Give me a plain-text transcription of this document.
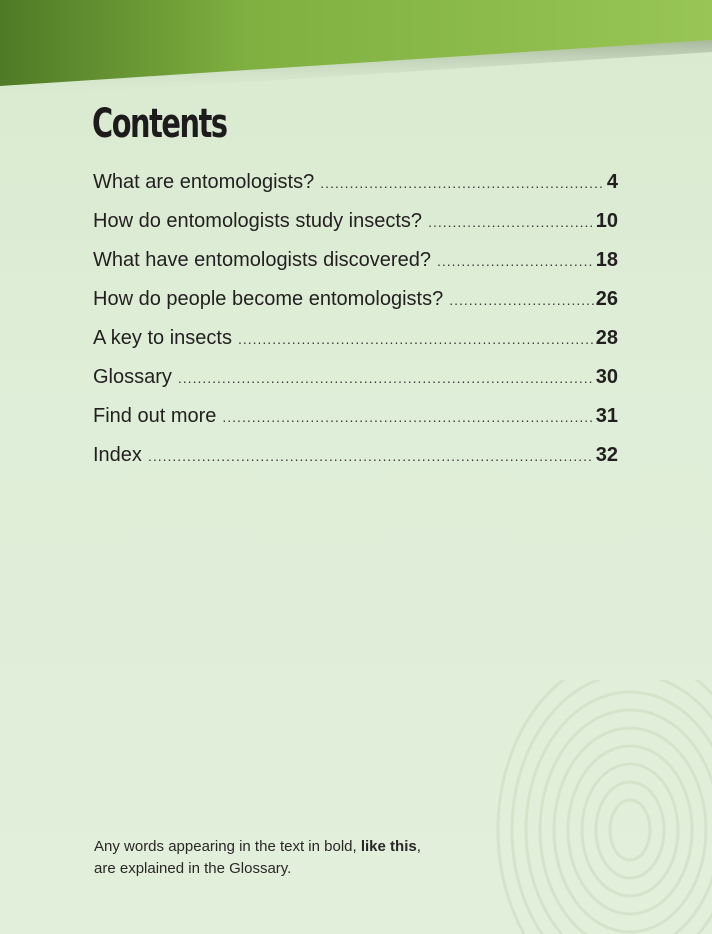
Contents
What are entomologists? .....	4
How do entomologists study insects? .....	10
What have entomologists discovered? .....	18
How do people become entomologists? .....	26
A key to insects .....	28
Glossary .....	30
Find out more .....	31
Index .....	32

Any words appearing in the text in bold, like this,
are explained in the Glossary.
